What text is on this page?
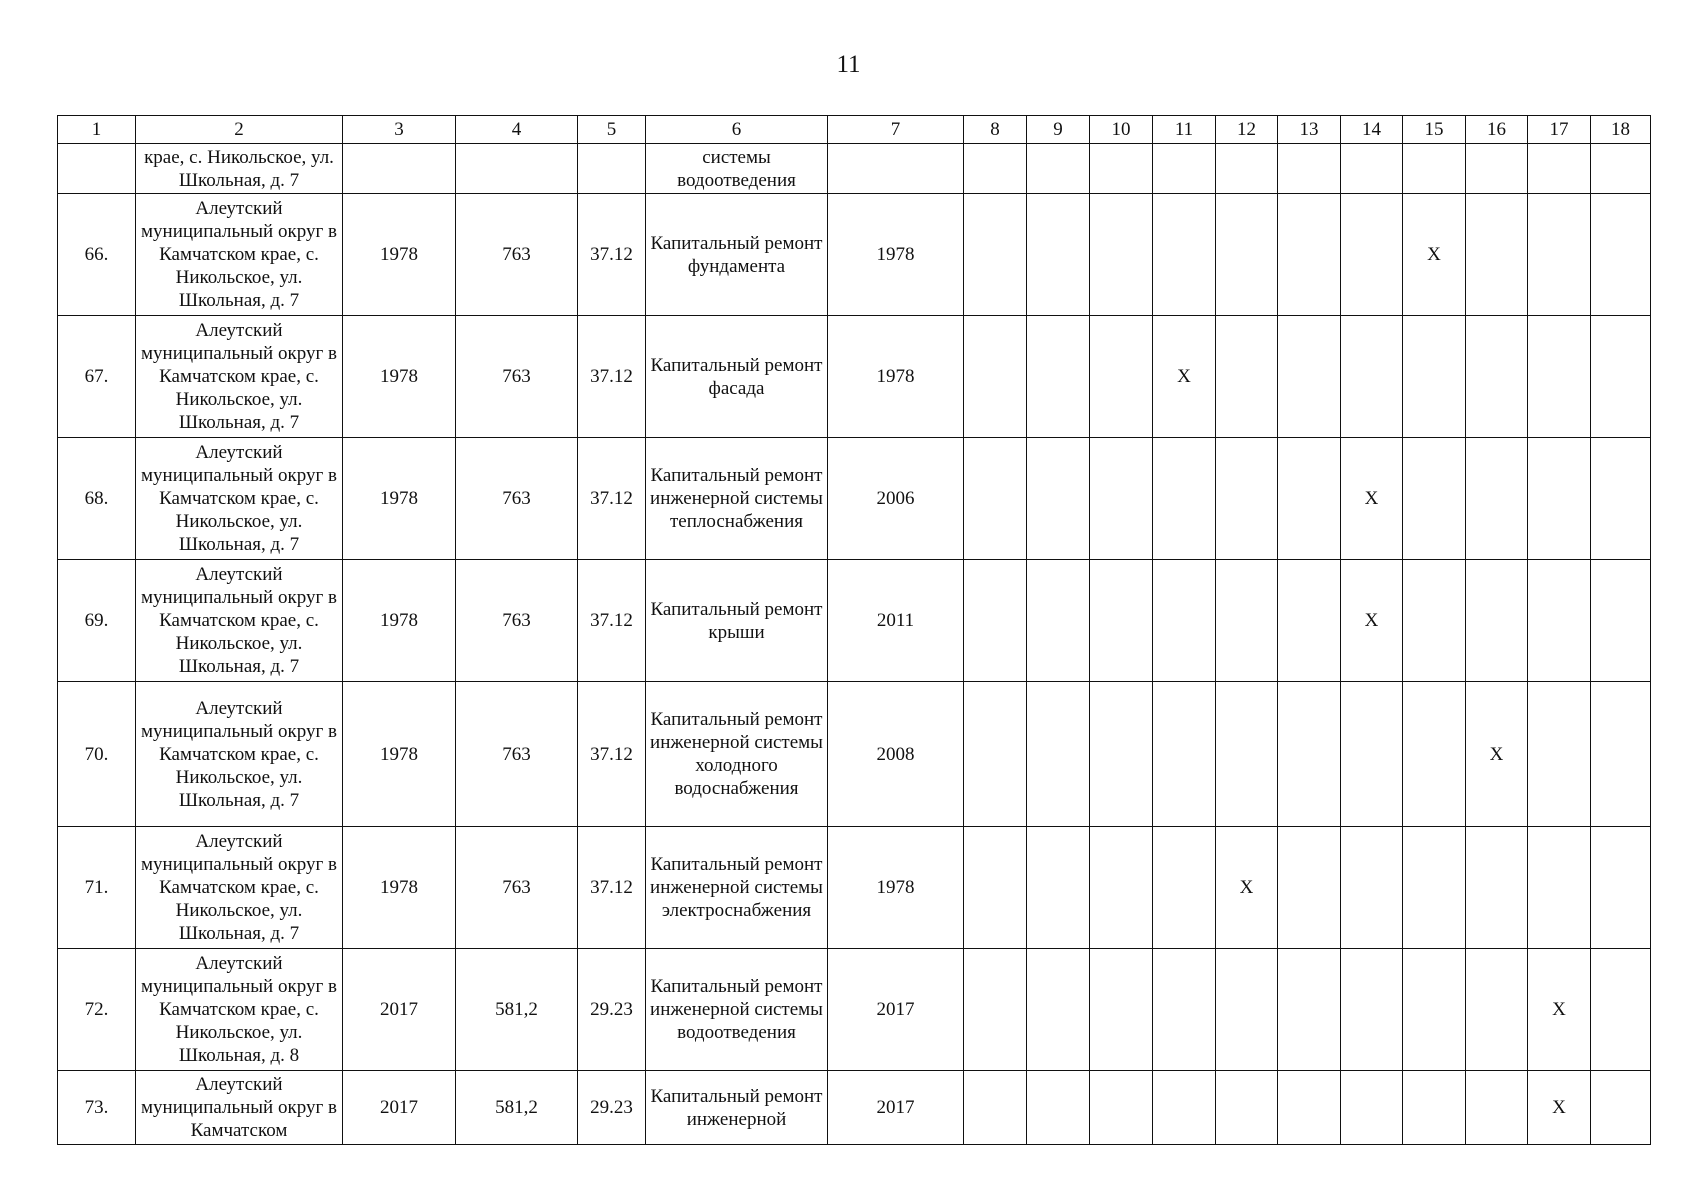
11
1	2	3	4	5	6	7	8	9	10	11	12	13	14	15	16	17	18
	крае, с. Никольское, ул. Школьная, д. 7				системы водоотведения												
66.	Алеутский муниципальный округ в Камчатском крае, с. Никольское, ул. Школьная, д. 7	1978	763	37.12	Капитальный ремонт фундамента	1978								X			
67.	Алеутский муниципальный округ в Камчатском крае, с. Никольское, ул. Школьная, д. 7	1978	763	37.12	Капитальный ремонт фасада	1978				X							
68.	Алеутский муниципальный округ в Камчатском крае, с. Никольское, ул. Школьная, д. 7	1978	763	37.12	Капитальный ремонт инженерной системы теплоснабжения	2006							X				
69.	Алеутский муниципальный округ в Камчатском крае, с. Никольское, ул. Школьная, д. 7	1978	763	37.12	Капитальный ремонт крыши	2011							X				
70.	Алеутский муниципальный округ в Камчатском крае, с. Никольское, ул. Школьная, д. 7	1978	763	37.12	Капитальный ремонт инженерной системы холодного водоснабжения	2008									X		
71.	Алеутский муниципальный округ в Камчатском крае, с. Никольское, ул. Школьная, д. 7	1978	763	37.12	Капитальный ремонт инженерной системы электроснабжения	1978					X						
72.	Алеутский муниципальный округ в Камчатском крае, с. Никольское, ул. Школьная, д. 8	2017	581,2	29.23	Капитальный ремонт инженерной системы водоотведения	2017										X	
73.	Алеутский муниципальный округ в Камчатском	2017	581,2	29.23	Капитальный ремонт инженерной	2017										X	
